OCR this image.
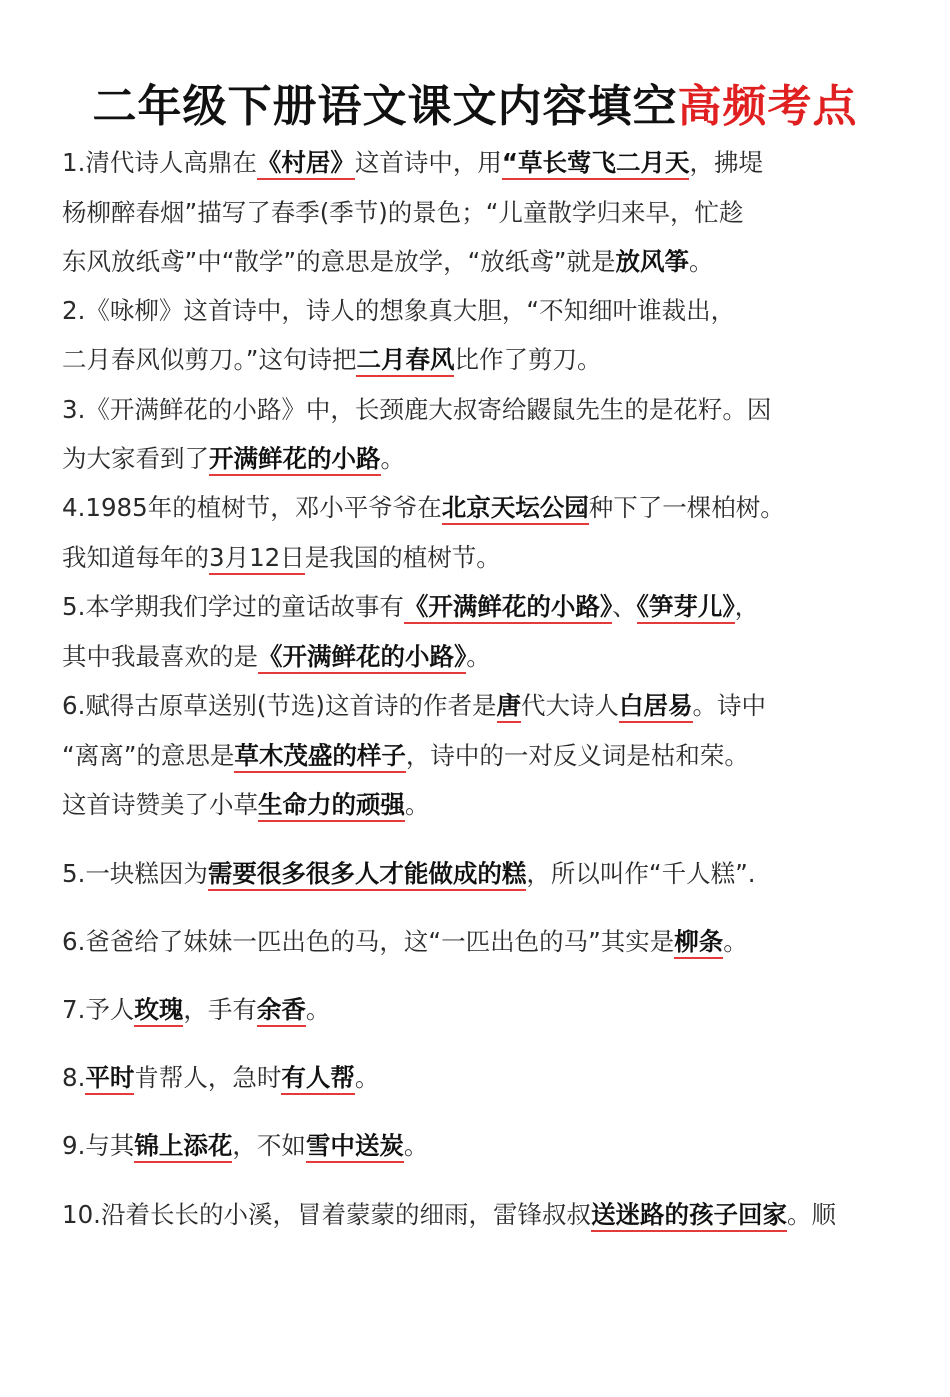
二年级下册语文课文内容填空高频考点
1.清代诗人高鼎在《村居》这首诗中，用“草长莺飞二月天，拂堤
杨柳醉春烟”描写了春季(季节)的景色；“儿童散学归来早，忙趁
东风放纸鸢”中“散学”的意思是放学，“放纸鸢”就是放风筝。
2.《咏柳》这首诗中，诗人的想象真大胆，“不知细叶谁裁出，
二月春风似剪刀。”这句诗把二月春风比作了剪刀。
3.《开满鲜花的小路》中，长颈鹿大叔寄给鼹鼠先生的是花籽。因
为大家看到了开满鲜花的小路。
4.1985年的植树节，邓小平爷爷在北京天坛公园种下了一棵柏树。
我知道每年的3月12日是我国的植树节。
5.本学期我们学过的童话故事有《开满鲜花的小路》、《笋芽儿》，
其中我最喜欢的是《开满鲜花的小路》。
6.赋得古原草送别(节选)这首诗的作者是唐代大诗人白居易。诗中
“离离”的意思是草木茂盛的样子，诗中的一对反义词是枯和荣。
这首诗赞美了小草生命力的顽强。
5.一块糕因为需要很多很多人才能做成的糕，所以叫作“千人糕”.
6.爸爸给了妹妹一匹出色的马，这“一匹出色的马”其实是柳条。
7.予人玫瑰，手有余香。
8.平时肯帮人，急时有人帮。
9.与其锦上添花，不如雪中送炭。
10.沿着长长的小溪，冒着蒙蒙的细雨，雷锋叔叔送迷路的孩子回家。顺
